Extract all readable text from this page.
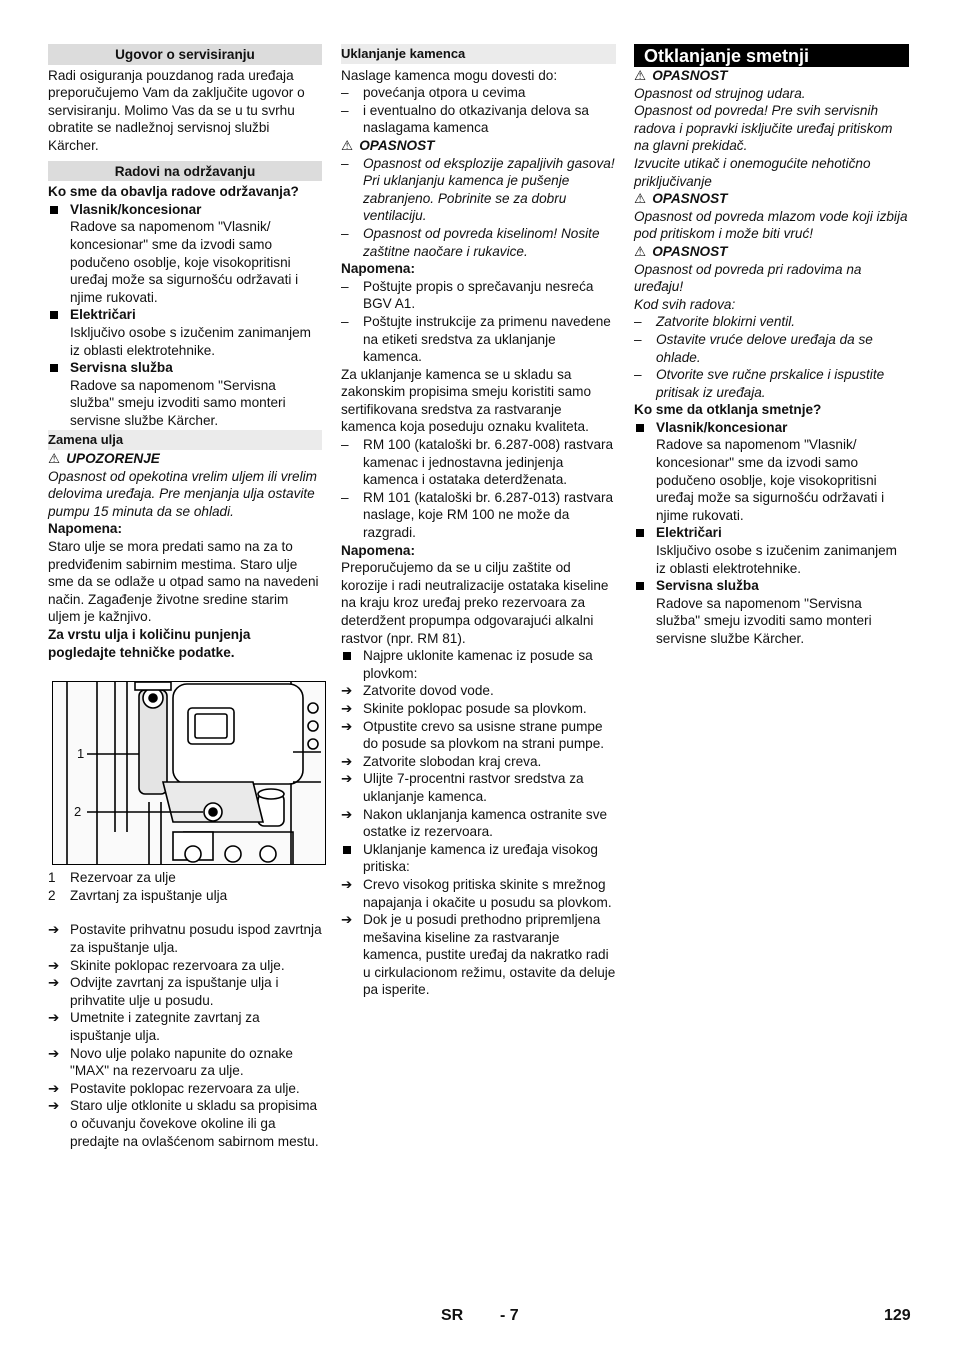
Ugovor o servisiranju

Radi osiguranja pouzdanog rada uređaja preporučujemo Vam da zaključite ugovor o servisiranju. Molimo Vas da se u tu svrhu obratite se nadležnoj servisnoj službi Kärcher.

Radovi na održavanju

Ko sme da obavlja radove održavanja?

Vlasnik/koncesionar
Radove sa napomenom "Vlasnik/ koncesionar" sme da izvodi samo podučeno osoblje, koje visokopritisni uređaj može sa sigurnošću održavati i njime rukovati.
Električari
Isključivo osobe s izučenim zanimanjem iz oblasti elektrotehnike.
Servisna služba
Radove sa napomenom "Servisna služba" smeju izvoditi samo monteri servisne službe Kärcher.
Zamena ulja

⚠ UPOZORENJE

Opasnost od opekotina vrelim uljem ili vrelim delovima uređaja. Pre menjanja ulja ostavite pumpu 15 minuta da se ohladi.

Napomena:

Staro ulje se mora predati samo na za to predviđenim sabirnim mestima. Staro ulje sme da se odlaže u otpad samo na navedeni način. Zagađenje životne sredine starim uljem je kažnjivo.

Za vrstu ulja i količinu punjenja pogledajte tehničke podatke.

1
2
1	Rezervoar za ulje
2	Zavrtanj za ispuštanje ulja
➔ Postavite prihvatnu posudu ispod zavrtnja za ispuštanje ulja.
➔ Skinite poklopac rezervoara za ulje.
➔ Odvijte zavrtanj za ispuštanje ulja i prihvatite ulje u posudu.
➔ Umetnite i zategnite zavrtanj za ispuštanje ulja.
➔ Novo ulje polako napunite do oznake "MAX" na rezervoaru za ulje.
➔ Postavite poklopac rezervoara za ulje.
➔ Staro ulje otklonite u skladu sa propisima o očuvanju čovekove okoline ili ga predajte na ovlašćenom sabirnom mestu.
Uklanjanje kamenca

Naslage kamenca mogu dovesti do:

–	povećanja otpora u cevima
–	i eventualno do otkazivanja delova sa naslagama kamenca

⚠ OPASNOST

–	Opasnost od eksplozije zapaljivih gasova! Pri uklanjanju kamenca je pušenje zabranjeno. Pobrinite se za dobru ventilaciju.
–	Opasnost od povreda kiselinom! Nosite zaštitne naočare i rukavice.

Napomena:

–	Poštujte propis o sprečavanju nesreća BGV A1.
–	Poštujte instrukcije za primenu navedene na etiketi sredstva za uklanjanje kamenca.

Za uklanjanje kamenca se u skladu sa zakonskim propisima smeju koristiti samo sertifikovana sredstva za rastvaranje kamenca koja poseduju oznaku kvaliteta.

–	RM 100 (kataloški br. 6.287-008) rastvara kamenac i jednostavna jedinjenja kamenca i ostataka deterdženata.
–	RM 101 (kataloški br. 6.287-013) rastvara naslage, koje RM 100 ne može da razgradi.

Napomena:

Preporučujemo da se u cilju zaštite od korozije i radi neutralizacije ostataka kiseline na kraju kroz uređaj preko rezervoara za deterdžent propumpa odgovarajući alkalni rastvor (npr. RM 81).

Najpre uklonite kamenac iz posude sa plovkom:
➔ Zatvorite dovod vode.
➔ Skinite poklopac posude sa plovkom.
➔ Otpustite crevo sa usisne strane pumpe do posude sa plovkom na strani pumpe.
➔ Zatvorite slobodan kraj creva.
➔ Ulijte 7-procentni rastvor sredstva za uklanjanje kamenca.
➔ Nakon uklanjanja kamenca ostranite sve ostatke iz rezervoara.
Uklanjanje kamenca iz uređaja visokog pritiska:
➔ Crevo visokog pritiska skinite s mrežnog napajanja i okačite u posudu sa plovkom.
➔ Dok je u posudi prethodno pripremljena mešavina kiseline za rastvaranje kamenca, pustite uređaj da nakratko radi u cirkulacionom režimu, ostavite da deluje pa isperite.
Otklanjanje smetnji

⚠ OPASNOST

Opasnost od strujnog udara.

Opasnost od povreda! Pre svih servisnih radova i popravki isključite uređaj pritiskom na glavni prekidač.

Izvucite utikač i onemogućite nehotično priključivanje

⚠ OPASNOST

Opasnost od povreda mlazom vode koji izbija pod pritiskom i može biti vruć!

⚠ OPASNOST

Opasnost od povreda pri radovima na uređaju!

Kod svih radova:

–	Zatvorite blokirni ventil.
–	Ostavite vruće delove uređaja da se ohlade.
–	Otvorite sve ručne prskalice i ispustite pritisak iz uređaja.

Ko sme da otklanja smetnje?

Vlasnik/koncesionar
Radove sa napomenom "Vlasnik/ koncesionar" sme da izvodi samo podučeno osoblje, koje visokopritisni uređaj može sa sigurnošću održavati i njime rukovati.
Električari
Isključivo osobe s izučenim zanimanjem iz oblasti elektrotehnike.
Servisna služba
Radove sa napomenom "Servisna služba" smeju izvoditi samo monteri servisne službe Kärcher.
SR - 7	129
